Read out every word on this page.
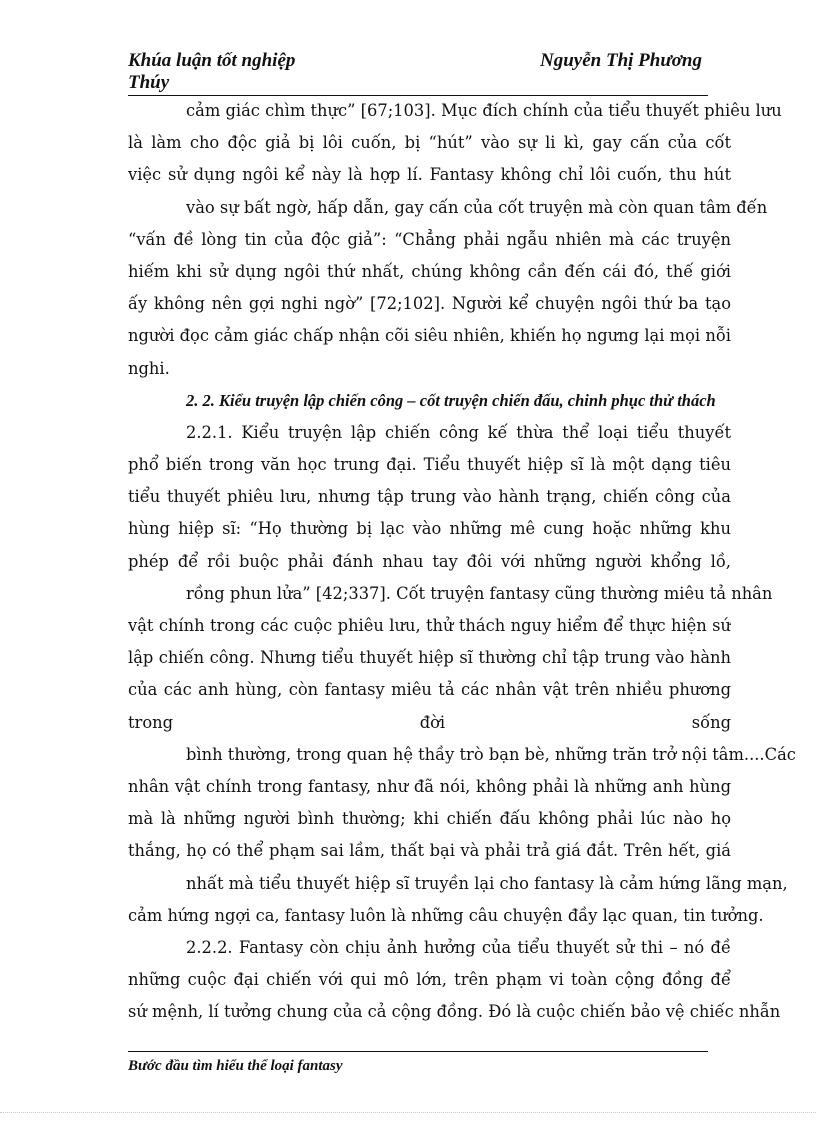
Khúa luận tốt nghiệp Thúy
Nguyễn Thị Phương
cảm giác chìm thực” [67;103]. Mục đích chính của tiểu thuyết phiêu lưu
là làm cho độc giả bị lôi cuốn, bị “hút” vào sự li kì, gay cấn của cốt
việc sử dụng ngôi kể này là hợp lí. Fantasy không chỉ lôi cuốn, thu hút
vào sự bất ngờ, hấp dẫn, gay cấn của cốt truyện mà còn quan tâm đến
“vấn đề lòng tin của độc giả”: “Chẳng phải ngẫu nhiên mà các truyện
hiếm khi sử dụng ngôi thứ nhất, chúng không cần đến cái đó, thế giới
ấy không nên gợi nghi ngờ” [72;102]. Người kể chuyện ngôi thứ ba tạo
người đọc cảm giác chấp nhận cõi siêu nhiên, khiến họ ngưng lại mọi nỗi
nghi.
2. 2. Kiểu truyện lập chiến công – cốt truyện chiến đấu, chinh phục thử thách
2.2.1. Kiểu truyện lập chiến công kế thừa thể loại tiểu thuyết
phổ biến trong văn học trung đại. Tiểu thuyết hiệp sĩ là một dạng tiêu
tiểu thuyết phiêu lưu, nhưng tập trung vào hành trạng, chiến công của
hùng hiệp sĩ: “Họ thường bị lạc vào những mê cung hoặc những khu
phép để rồi buộc phải đánh nhau tay đôi với những người khổng lồ,
rồng phun lửa” [42;337]. Cốt truyện fantasy cũng thường miêu tả nhân
vật chính trong các cuộc phiêu lưu, thử thách nguy hiểm để thực hiện sứ
lập chiến công. Nhưng tiểu thuyết hiệp sĩ thường chỉ tập trung vào hành
của các anh hùng, còn fantasy miêu tả các nhân vật trên nhiều phương
trong đời sống
bình thường, trong quan hệ thầy trò bạn bè, những trăn trở nội tâm....Các
nhân vật chính trong fantasy, như đã nói, không phải là những anh hùng
mà là những người bình thường; khi chiến đấu không phải lúc nào họ
thắng, họ có thể phạm sai lầm, thất bại và phải trả giá đắt. Trên hết, giá
nhất mà tiểu thuyết hiệp sĩ truyền lại cho fantasy là cảm hứng lãng mạn,
cảm hứng ngợi ca, fantasy luôn là những câu chuyện đầy lạc quan, tin tưởng.
2.2.2. Fantasy còn chịu ảnh hưởng của tiểu thuyết sử thi – nó đề
những cuộc đại chiến với qui mô lớn, trên phạm vi toàn cộng đồng để
sứ mệnh, lí tưởng chung của cả cộng đồng. Đó là cuộc chiến bảo vệ chiếc nhẫn
Bước đầu tìm hiểu thể loại fantasy
